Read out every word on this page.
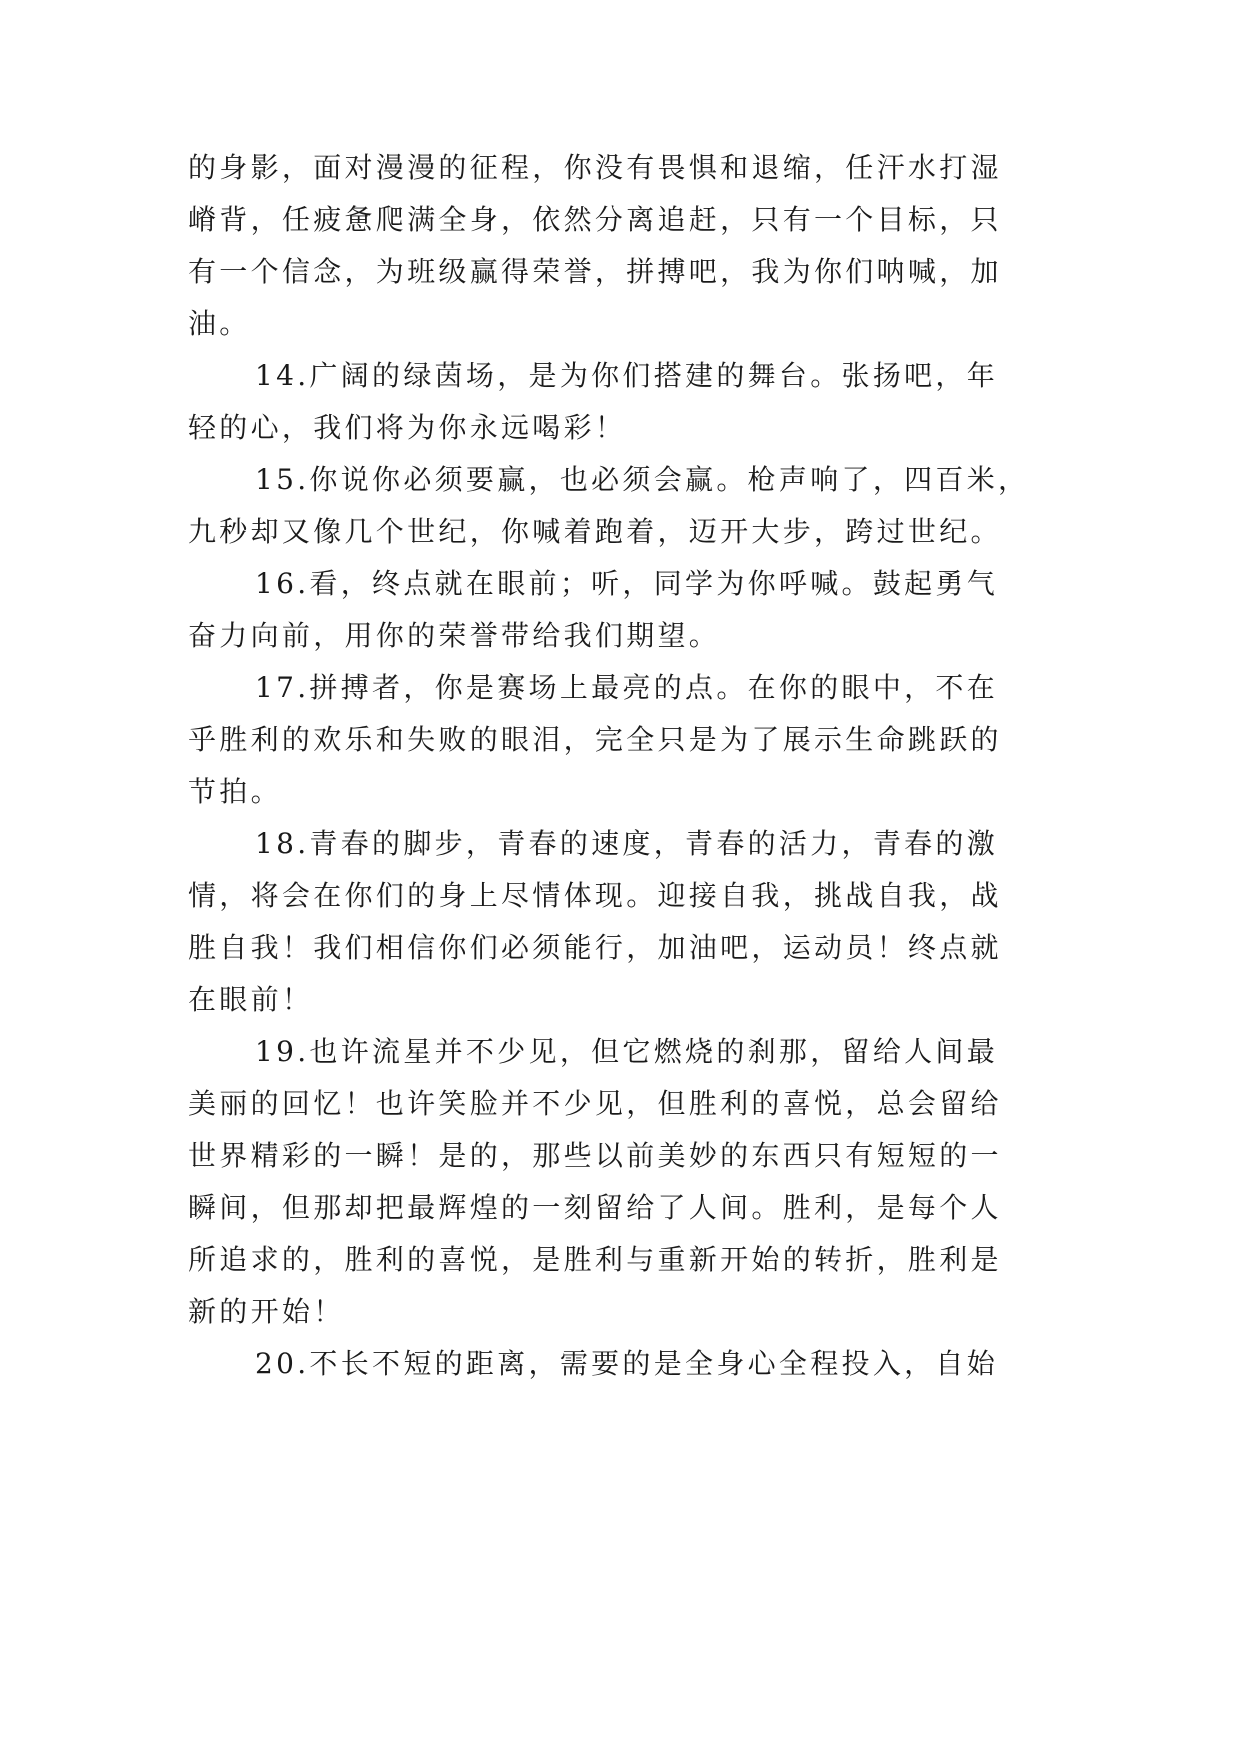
的身影，面对漫漫的征程，你没有畏惧和退缩，任汗水打湿
嵴背，任疲惫爬满全身，依然分离追赶，只有一个目标，只
有一个信念，为班级赢得荣誉，拼搏吧，我为你们呐喊，加
油。
14.广阔的绿茵场，是为你们搭建的舞台。张扬吧，年
轻的心，我们将为你永远喝彩！
15.你说你必须要赢，也必须会赢。枪声响了，四百米，
九秒却又像几个世纪，你喊着跑着，迈开大步，跨过世纪。
16.看，终点就在眼前；听，同学为你呼喊。鼓起勇气
奋力向前，用你的荣誉带给我们期望。
17.拼搏者，你是赛场上最亮的点。在你的眼中，不在
乎胜利的欢乐和失败的眼泪，完全只是为了展示生命跳跃的
节拍。
18.青春的脚步，青春的速度，青春的活力，青春的激
情，将会在你们的身上尽情体现。迎接自我，挑战自我，战
胜自我！我们相信你们必须能行，加油吧，运动员！终点就
在眼前！
19.也许流星并不少见，但它燃烧的刹那，留给人间最
美丽的回忆！也许笑脸并不少见，但胜利的喜悦，总会留给
世界精彩的一瞬！是的，那些以前美妙的东西只有短短的一
瞬间，但那却把最辉煌的一刻留给了人间。胜利，是每个人
所追求的，胜利的喜悦，是胜利与重新开始的转折，胜利是
新的开始！
20.不长不短的距离，需要的是全身心全程投入，自始
